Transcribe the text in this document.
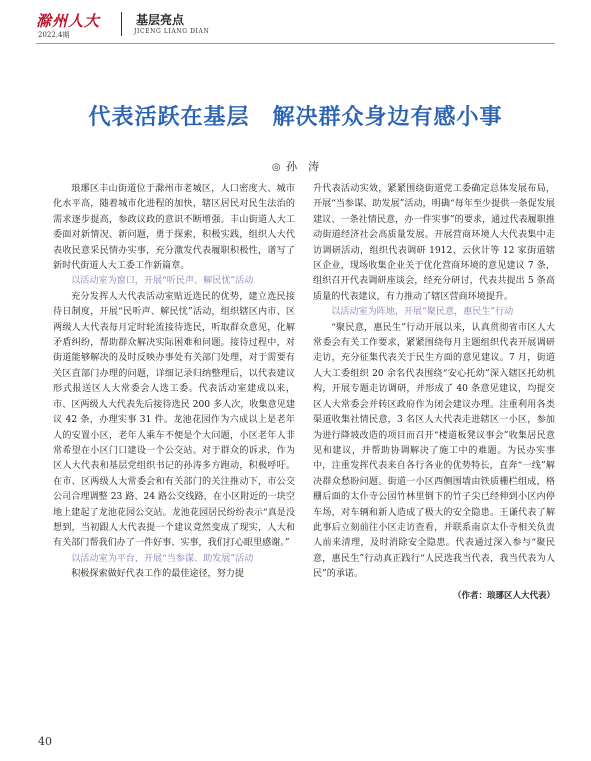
滁州人大
2022.4期
基层亮点
JICENG LIANG DIAN
代表活跃在基层　解决群众身边有感小事
◎ 孙　涛

琅琊区丰山街道位于滁州市老城区，人口密度大、城市化水平高，随着城市化进程的加快，辖区居民对民生法治的需求逐步提高，参政议政的意识不断增强。丰山街道人大工委面对新情况、新问题，勇于探索，积极实践，组织人大代表收民意采民情办实事，充分激发代表履职积极性，谱写了新时代街道人大工委工作新篇章。

以活动室为窗口，开展“听民声、解民忧”活动

充分发挥人大代表活动室贴近选民的优势，建立选民接待日制度，开展“民听声、解民忧”活动，组织辖区内市、区两级人大代表每月定时轮流接待选民，听取群众意见，化解矛盾纠纷，帮助群众解决实际困难和问题。接待过程中，对街道能够解决的及时反映办事处有关部门处理，对于需要有关区直部门办理的问题，详细记录归纳整理后，以代表建议形式报送区人大常委会人选工委。代表活动室建成以来，市、区两级人大代表先后接待选民 200 多人次，收集意见建议 42 条，办理实事 31 件。龙池花园作为六成以上是老年人的安置小区，老年人乘车不便是个大问题，小区老年人非常希望在小区门口建设一个公交站。对于群众的诉求，作为区人大代表和基层党组织书记的孙涛多方跑动，积极呼吁。在市、区两级人大常委会和有关部门的关注推动下，市公交公司合理调整 23 路、24 路公交线路，在小区附近的一块空地上建起了龙池花园公交站。龙池花园居民纷纷表示“真是没想到，当初跟人大代表提一个建议竟然变成了现实，人大和有关部门帮我们办了一件好事、实事，我们打心眼里感谢。”

以活动室为平台，开展“当参谋、助发展”活动

积极探索做好代表工作的最佳途径，努力提

升代表活动实效，紧紧围绕街道党工委确定总体发展布局，开展“当参谋、助发展”活动，明确“每年至少提供一条促发展建议、一条社情民意，办一件实事”的要求，通过代表履职推动街道经济社会高质量发展。开展营商环境人大代表集中走访调研活动，组织代表调研 1912、云伙计等 12 家街道辖区企业，现场收集企业关于优化营商环境的意见建议 7 条，组织召开代表调研座谈会，经充分研讨，代表共提出 5 条高质量的代表建议，有力推动了辖区营商环境提升。

以活动室为阵地，开展“聚民意，惠民生”行动

“聚民意，惠民生”行动开展以来，认真贯彻省市区人大常委会有关工作要求，紧紧围绕每月主题组织代表开展调研走访，充分征集代表关于民生方面的意见建议。7 月，街道人大工委组织 20 余名代表围绕“安心托幼”深入辖区托幼机构，开展专题走访调研，并形成了 40 条意见建议，均提交区人大常委会并转区政府作为闭会建议办理。注重利用各类渠道收集社情民意，3 名区人大代表走进辖区一小区，参加为进行降坡改造的项目而召开“楼道板凳议事会”收集居民意见和建议，并帮助协调解决了施工中的难题。为民办实事中，注重发挥代表来自各行各业的优势特长，直奔“一线”解决群众愁盼问题。街道一小区西侧围墙由铁质栅栏组成，格栅后面的太仆寺公园竹林里倒下的竹子尖已经伸到小区内停车场，对车辆和新人造成了极大的安全隐患。王谦代表了解此事后立刻前往小区走访查看，并联系南京太仆寺相关负责人前来清理，及时消除安全隐患。代表通过深入参与“聚民意，惠民生”行动真正践行“人民选我当代表，我当代表为人民”的承诺。

（作者：琅琊区人大代表）

40
